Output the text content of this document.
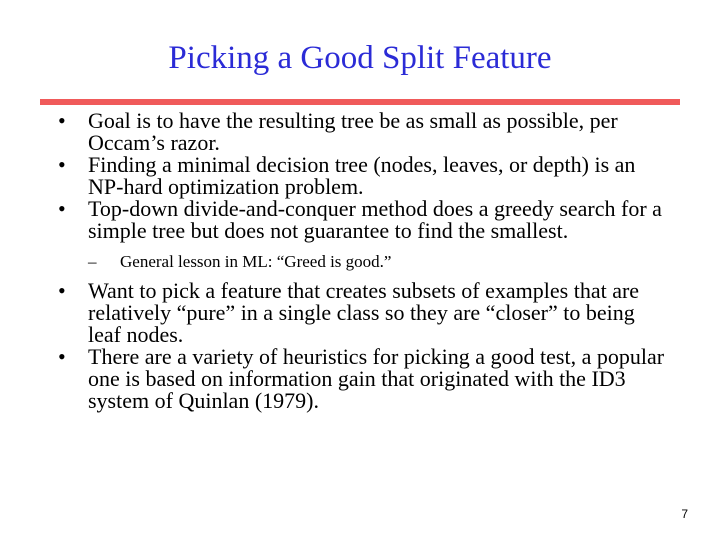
Picking a Good Split Feature
• Goal is to have the resulting tree be as small as possible, per Occam’s razor.
• Finding a minimal decision tree (nodes, leaves, or depth) is an NP-hard optimization problem.
• Top-down divide-and-conquer method does a greedy search for a simple tree but does not guarantee to find the smallest.
– General lesson in ML: “Greed is good.”
• Want to pick a feature that creates subsets of examples that are relatively “pure” in a single class so they are “closer” to being leaf nodes.
• There are a variety of heuristics for picking a good test, a popular one is based on information gain that originated with the ID3 system of Quinlan (1979).
7
